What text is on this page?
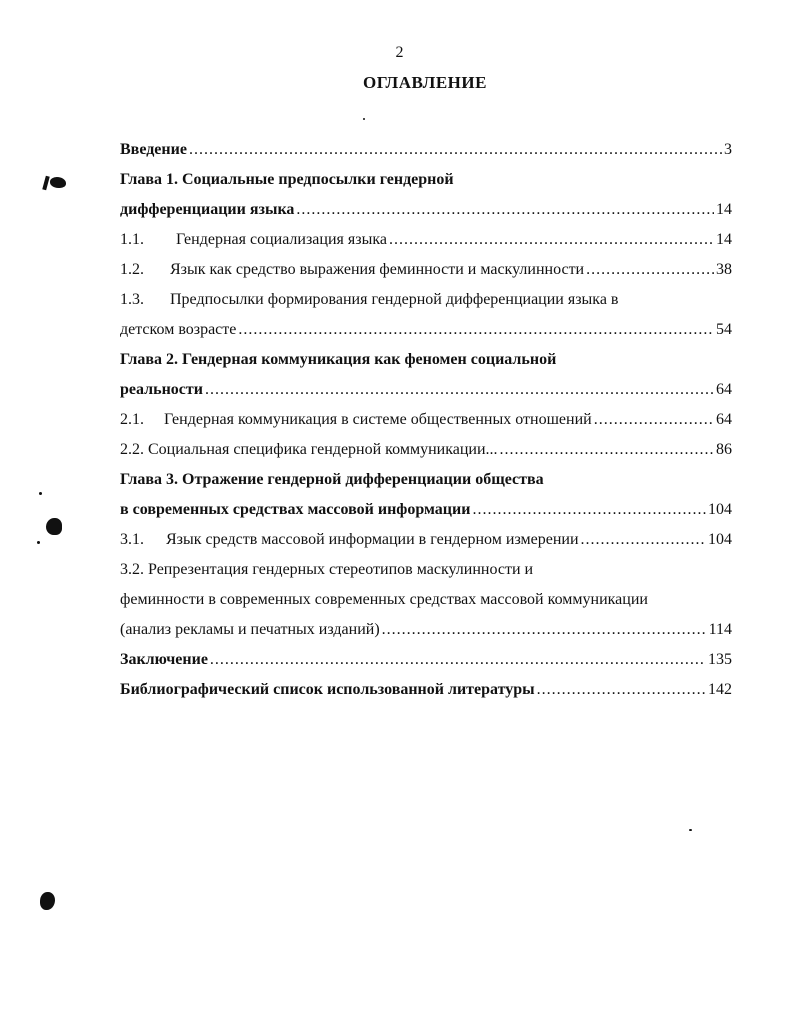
2
ОГЛАВЛЕНИЕ
Введение .....	3
Глава 1. Социальные предпосылки гендерной
дифференциации языка .....	14
1.1. Гендерная социализация языка .....	14
1.2. Язык как средство выражения феминности и маскулинности .....	38
1.3. Предпосылки формирования гендерной дифференциации языка в
детском возрасте .....	54
Глава 2. Гендерная коммуникация как феномен социальной
реальности .....	64
2.1. Гендерная коммуникация в системе общественных отношений .....	64
2.2. Социальная специфика гендерной коммуникации... .....	86
Глава 3. Отражение гендерной дифференциации общества
в современных средствах массовой информации .....	104
3.1. Язык средств массовой информации в гендерном измерении .....	104
3.2. Репрезентация гендерных стереотипов маскулинности и
феминности в современных современных средствах массовой коммуникации
(анализ рекламы и печатных изданий) .....	114
Заключение .....	135
Библиографический список использованной литературы .....	142
